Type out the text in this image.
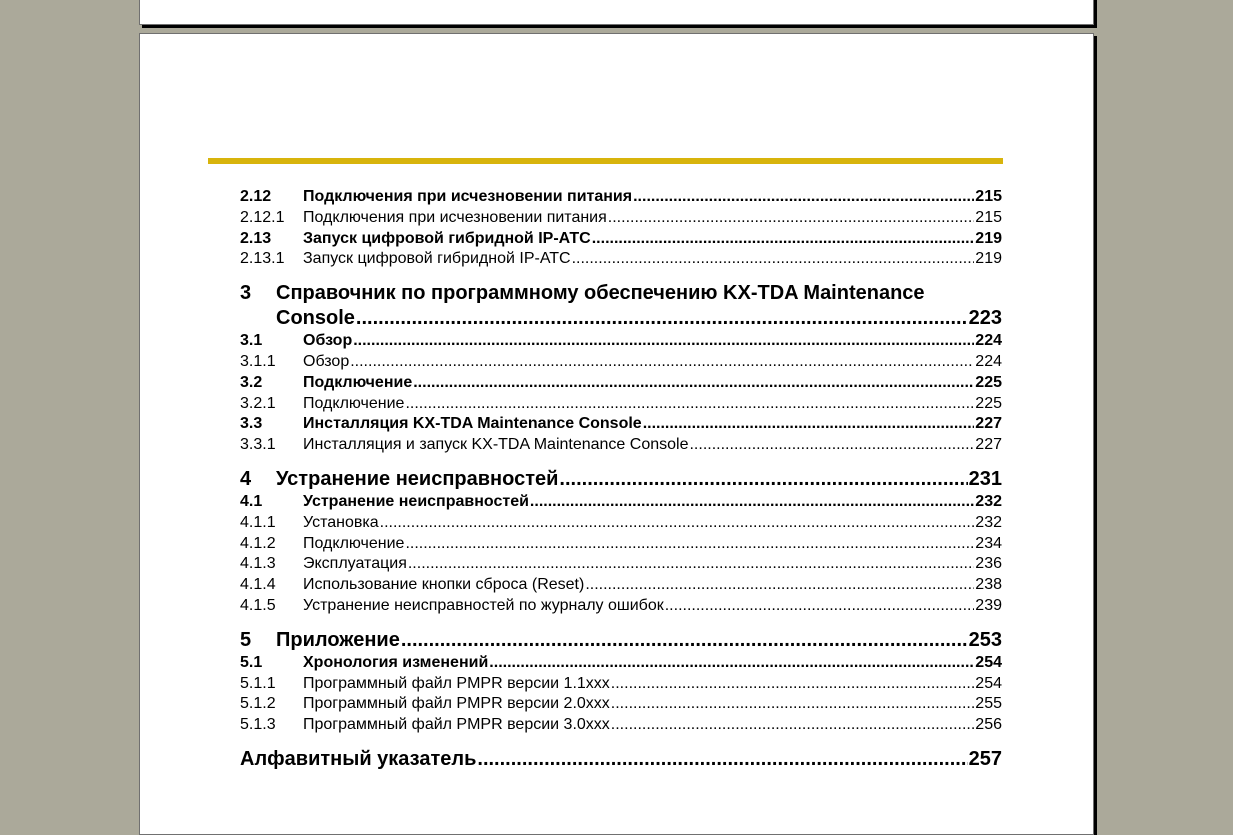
2.12	Подключения при исчезновении питания .....	215
2.12.1	Подключения при исчезновении питания .....	215
2.13	Запуск цифровой гибридной IP-АТС .....	219
2.13.1	Запуск цифровой гибридной IP-АТС .....	219
3	Справочник по программному обеспечению KX-TDA Maintenance
Console .....	223
3.1	Обзор .....	224
3.1.1	Обзор .....	224
3.2	Подключение .....	225
3.2.1	Подключение .....	225
3.3	Инсталляция KX-TDA Maintenance Console .....	227
3.3.1	Инсталляция и запуск KX-TDA Maintenance Console .....	227
4	Устранение неисправностей .....	231
4.1	Устранение неисправностей .....	232
4.1.1	Установка .....	232
4.1.2	Подключение .....	234
4.1.3	Эксплуатация .....	236
4.1.4	Использование кнопки сброса (Reset) .....	238
4.1.5	Устранение неисправностей по журналу ошибок .....	239
5	Приложение .....	253
5.1	Хронология изменений .....	254
5.1.1	Программный файл PMPR версии 1.1xxx .....	254
5.1.2	Программный файл PMPR версии 2.0xxx .....	255
5.1.3	Программный файл PMPR версии 3.0xxx .....	256
Алфавитный указатель .....	257
